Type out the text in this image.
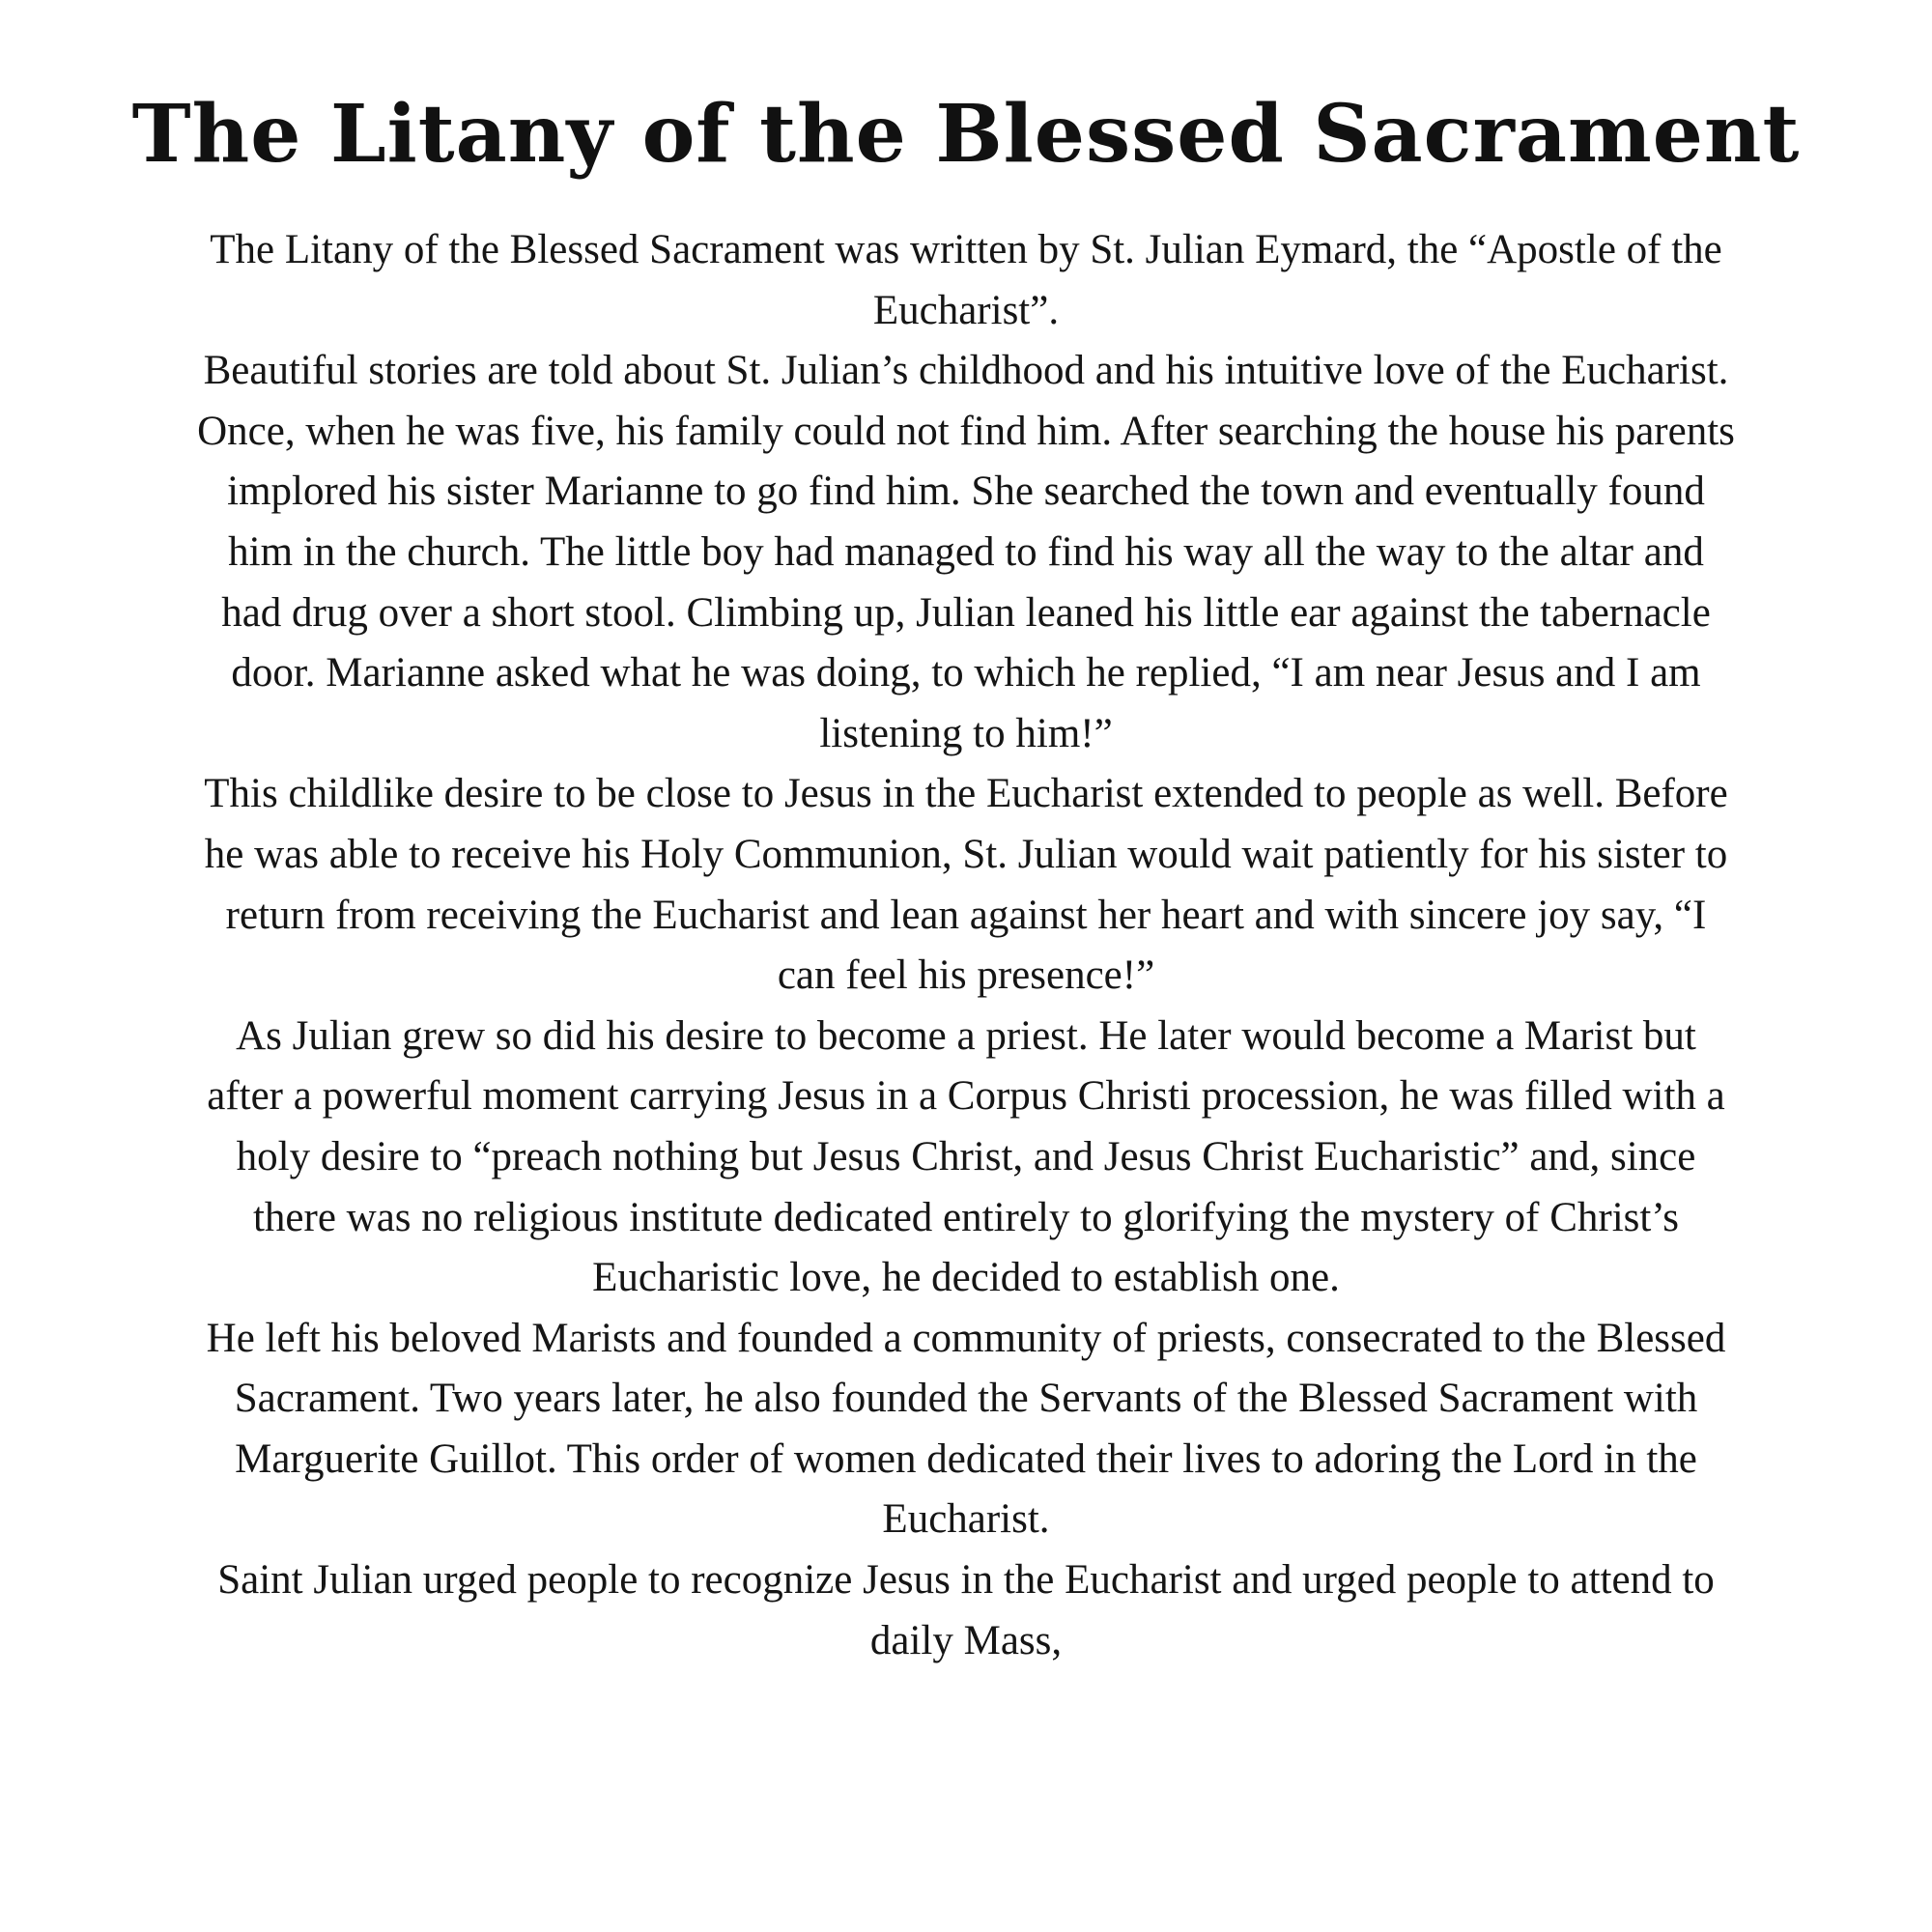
The Litany of the Blessed Sacrament

The Litany of the Blessed Sacrament was written by St. Julian Eymard, the “Apostle of the Eucharist”.

Beautiful stories are told about St. Julian’s childhood and his intuitive love of the Eucharist. Once, when he was five, his family could not find him. After searching the house his parents implored his sister Marianne to go find him. She searched the town and eventually found him in the church. The little boy had managed to find his way all the way to the altar and had drug over a short stool. Climbing up, Julian leaned his little ear against the tabernacle door. Marianne asked what he was doing, to which he replied, “I am near Jesus and I am listening to him!”

This childlike desire to be close to Jesus in the Eucharist extended to people as well. Before he was able to receive his Holy Communion, St. Julian would wait patiently for his sister to return from receiving the Eucharist and lean against her heart and with sincere joy say, “I can feel his presence!”

As Julian grew so did his desire to become a priest. He later would become a Marist but after a powerful moment carrying Jesus in a Corpus Christi procession, he was filled with a holy desire to “preach nothing but Jesus Christ, and Jesus Christ Eucharistic” and, since there was no religious institute dedicated entirely to glorifying the mystery of Christ’s Eucharistic love, he decided to establish one.

He left his beloved Marists and founded a community of priests, consecrated to the Blessed Sacrament. Two years later, he also founded the Servants of the Blessed Sacrament with Marguerite Guillot. This order of women dedicated their lives to adoring the Lord in the Eucharist.

Saint Julian urged people to recognize Jesus in the Eucharist and urged people to attend to daily Mass,
